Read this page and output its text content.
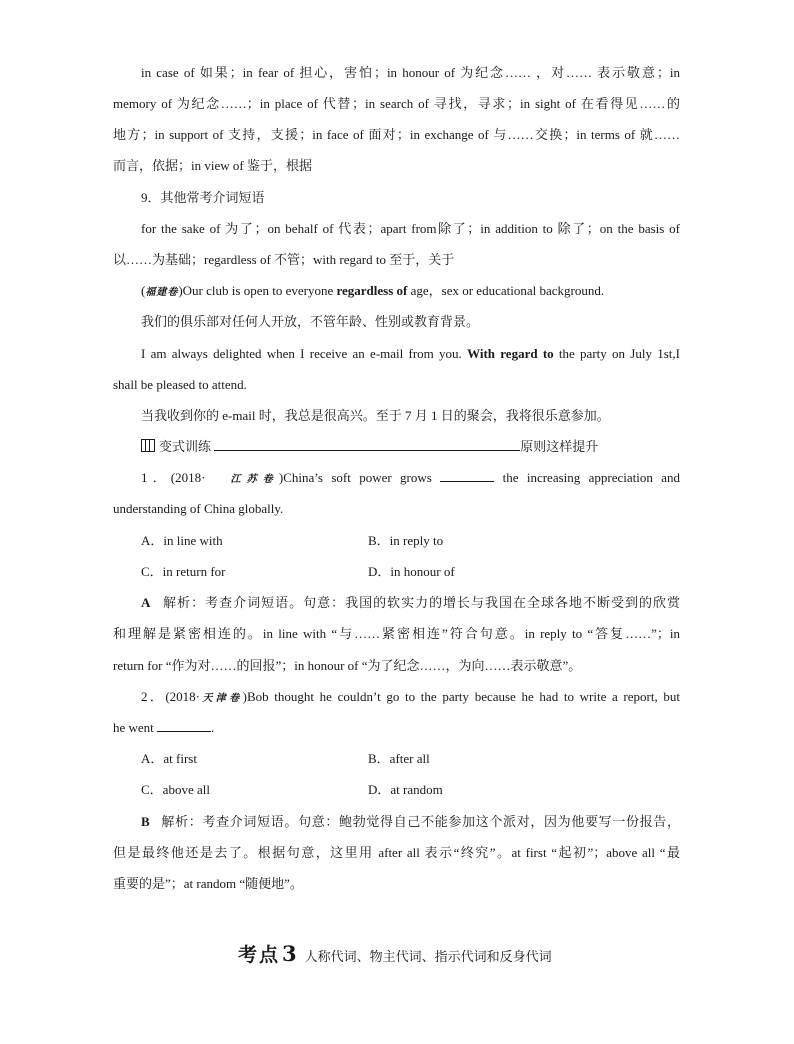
in case of 如果；in fear of 担心，害怕；in honour of 为纪念…… ，对…… 表示敬意；in
memory of 为纪念……；in place of 代替；in search of 寻找，寻求；in sight of 在看得见……的
地方；in support of 支持，支援；in face of 面对；in exchange of 与……交换；in terms of 就……
而言，依据；in view of 鉴于，根据
9．其他常考介词短语
for the sake of 为了；on behalf of 代表；apart from除了；in addition to 除了；on the basis of
以……为基础；regardless of 不管；with regard to 至于，关于
(福建卷)Our club is open to everyone regardless of age，sex or educational background.
我们的俱乐部对任何人开放，不管年龄、性别或教育背景。
I am always delighted when I receive an e-mail from you. With regard to the party on July 1st,I
shall be pleased to attend.
当我收到你的 e-mail 时，我总是很高兴。至于 7 月 1 日的聚会，我将很乐意参加。
变式训练	原则这样提升
1．(2018·	江苏卷)China’s soft power grows	the increasing appreciation and
understanding of China globally.
A．in line with	B．in reply to
C．in return for	D．in honour of
A 解析：考查介词短语。句意：我国的软实力的增长与我国在全球各地不断受到的欣赏
和理解是紧密相连的。in line with “与……紧密相连”符合句意。in reply to “答复……”；in
return for “作为对……的回报”；in honour of “为了纪念……，为向……表示敬意”。
2．(2018·天津卷)Bob thought he couldn’t go to the party because he had to write a report, but
he went	.
A．at first	B．after all
C．above all	D．at random
B 解析：考查介词短语。句意：鲍勃觉得自己不能参加这个派对，因为他要写一份报告，
但是最终他还是去了。根据句意，这里用 after all 表示“终究”。at first “起初”；above all “最
重要的是”；at random “随便地”。
考点3 人称代词、物主代词、指示代词和反身代词
